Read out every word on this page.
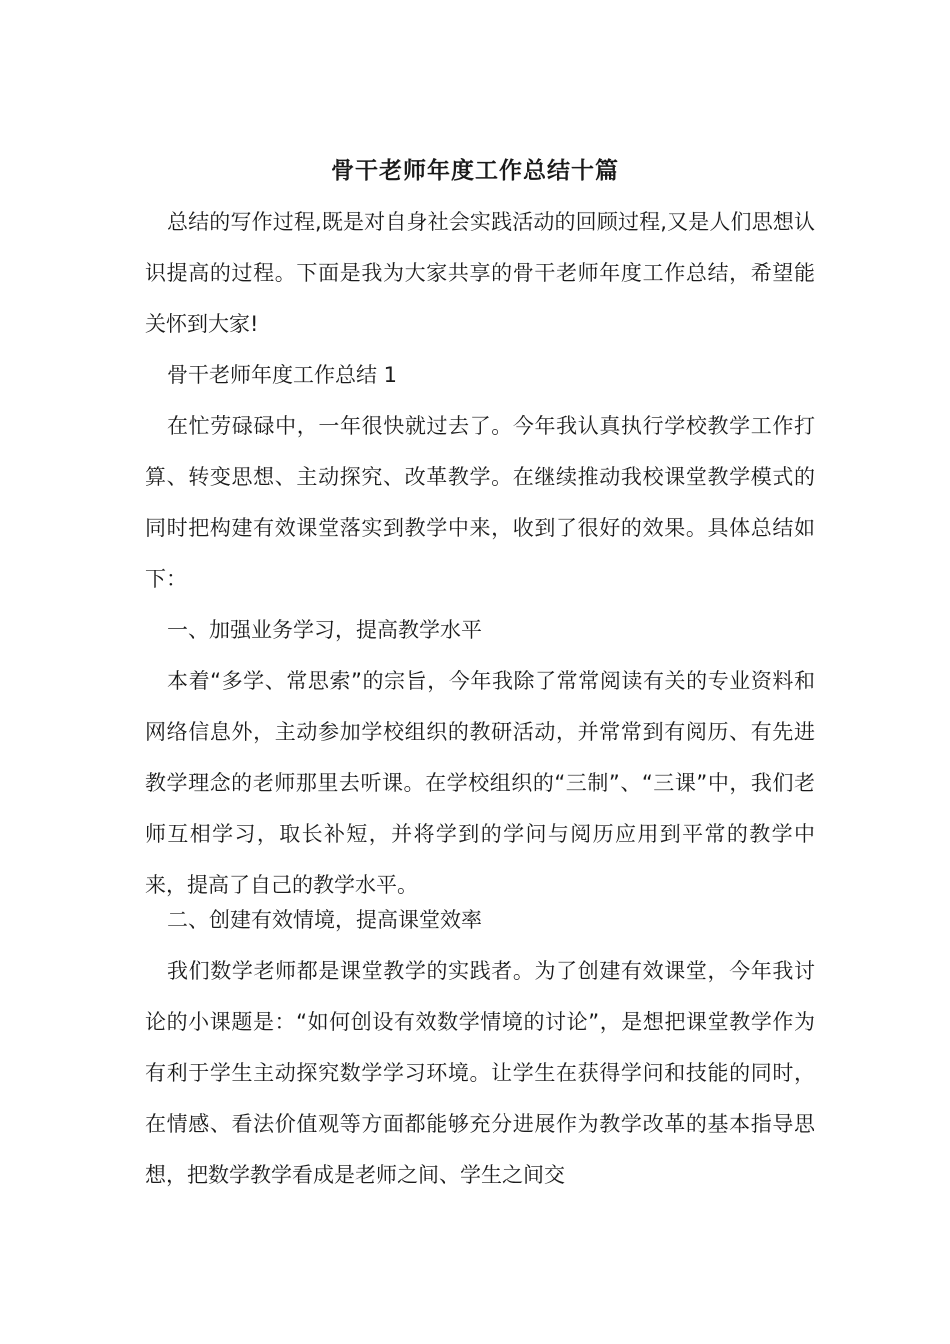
骨干老师年度工作总结十篇

总结的写作过程,既是对自身社会实践活动的回顾过程,又是人们思想认识提高的过程。下面是我为大家共享的骨干老师年度工作总结，希望能关怀到大家!

骨干老师年度工作总结 1

在忙劳碌碌中，一年很快就过去了。今年我认真执行学校教学工作打算、转变思想、主动探究、改革教学。在继续推动我校课堂教学模式的同时把构建有效课堂落实到教学中来，收到了很好的效果。具体总结如下：

一、加强业务学习，提高教学水平

本着“多学、常思索”的宗旨，今年我除了常常阅读有关的专业资料和网络信息外，主动参加学校组织的教研活动，并常常到有阅历、有先进教学理念的老师那里去听课。在学校组织的“三制”、“三课”中，我们老师互相学习，取长补短，并将学到的学问与阅历应用到平常的教学中来，提高了自己的教学水平。

二、创建有效情境，提高课堂效率

我们数学老师都是课堂教学的实践者。为了创建有效课堂，今年我讨论的小课题是：“如何创设有效数学情境的讨论”，是想把课堂教学作为有利于学生主动探究数学学习环境。让学生在获得学问和技能的同时，在情感、看法价值观等方面都能够充分进展作为教学改革的基本指导思想，把数学教学看成是老师之间、学生之间交
